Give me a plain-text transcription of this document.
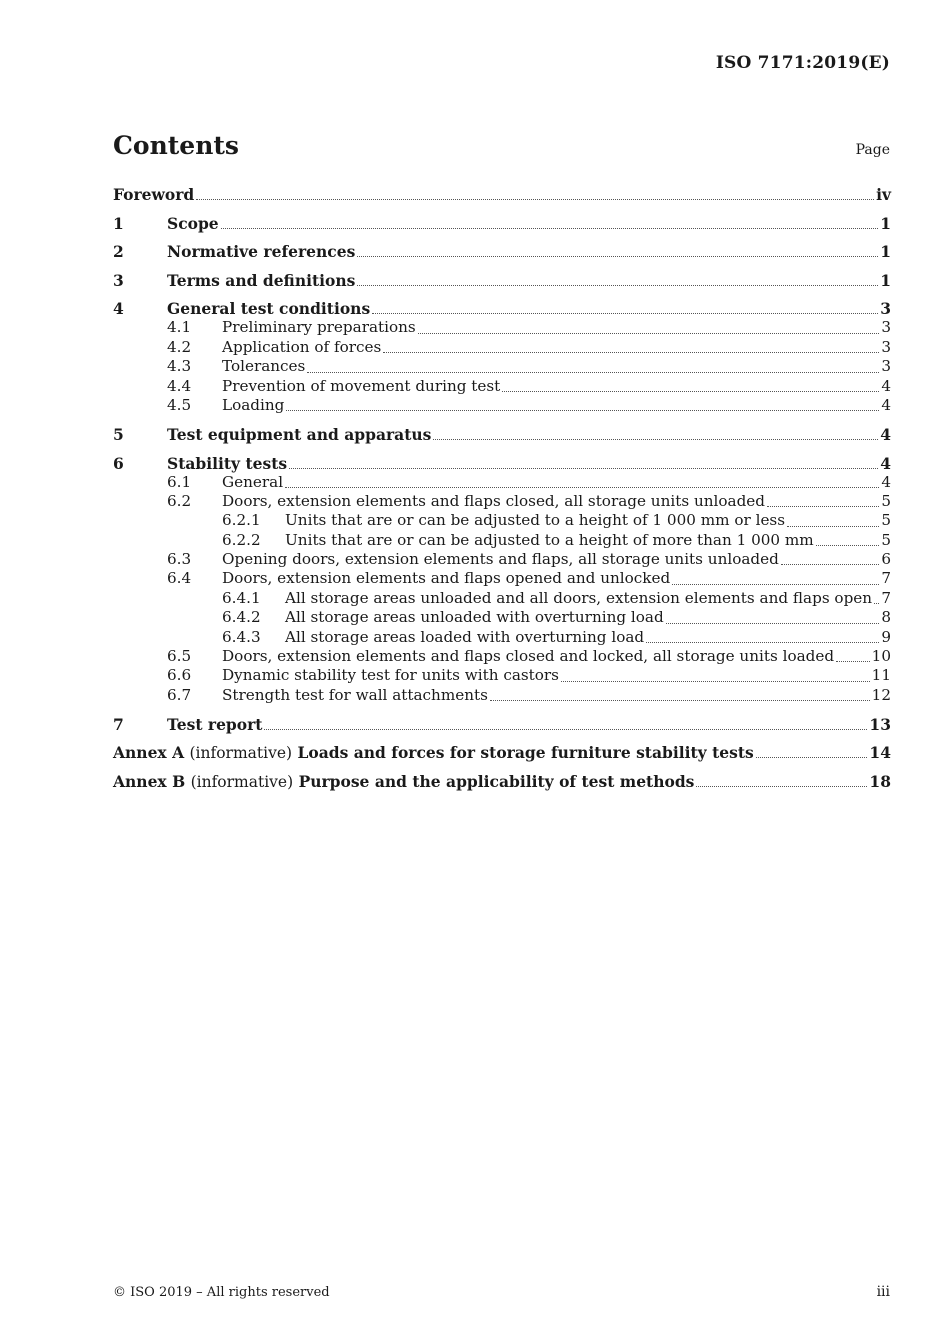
ISO 7171:2019(E)
Contents	Page
Foreword	iv
1	Scope	1
2	Normative references	1
3	Terms and definitions	1
4	General test conditions	3
4.1	Preliminary preparations	3
4.2	Application of forces	3
4.3	Tolerances	3
4.4	Prevention of movement during test	4
4.5	Loading	4
5	Test equipment and apparatus	4
6	Stability tests	4
6.1	General	4
6.2	Doors, extension elements and flaps closed, all storage units unloaded	5
6.2.1	Units that are or can be adjusted to a height of 1 000 mm or less	5
6.2.2	Units that are or can be adjusted to a height of more than 1 000 mm	5
6.3	Opening doors, extension elements and flaps, all storage units unloaded	6
6.4	Doors, extension elements and flaps opened and unlocked	7
6.4.1	All storage areas unloaded and all doors, extension elements and flaps open 7
6.4.2	All storage areas unloaded with overturning load	8
6.4.3	All storage areas loaded with overturning load	9
6.5	Doors, extension elements and flaps closed and locked, all storage units loaded 10
6.6	Dynamic stability test for units with castors	11
6.7	Strength test for wall attachments	12
7	Test report	13
Annex A (informative) Loads and forces for storage furniture stability tests	14
Annex B (informative) Purpose and the applicability of test methods	18
© ISO 2019 – All rights reserved	iii
